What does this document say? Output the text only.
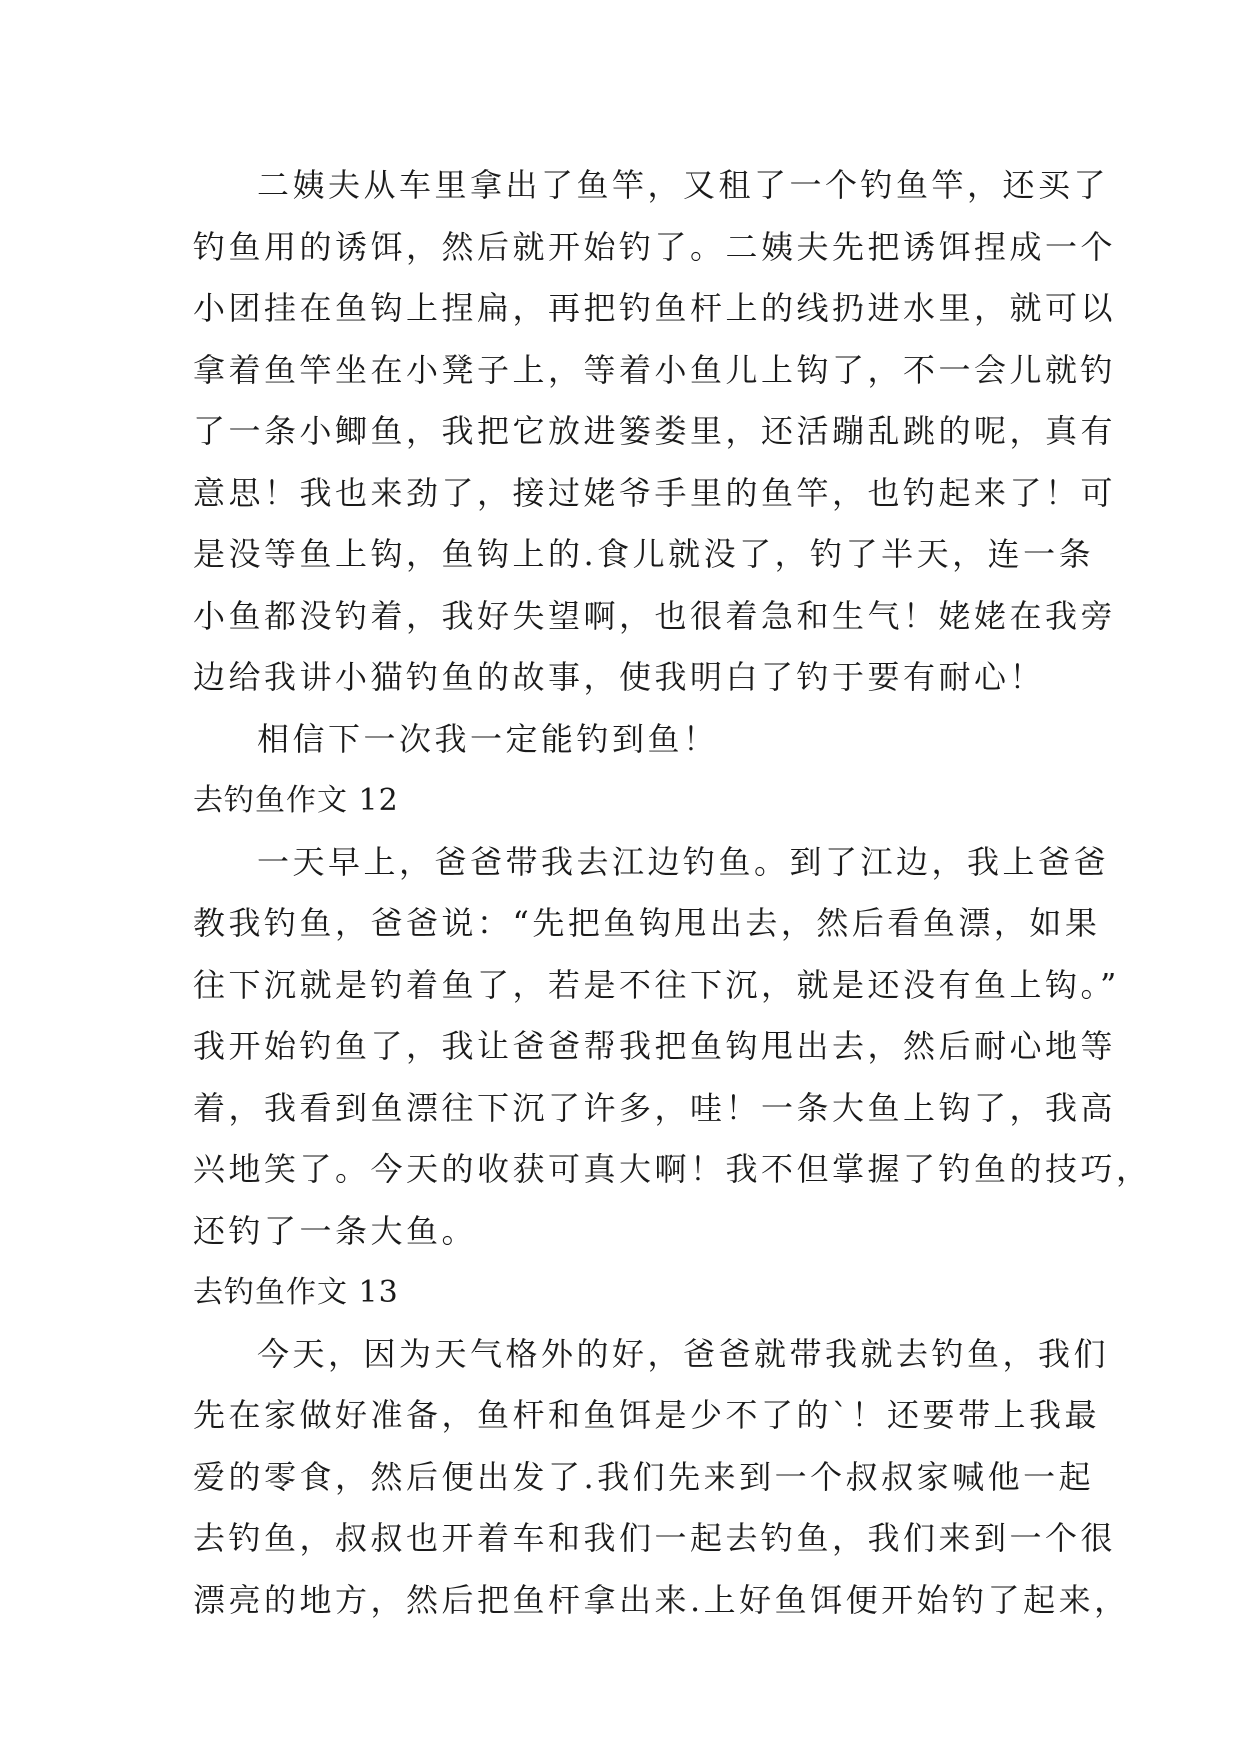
二姨夫从车里拿出了鱼竿，又租了一个钓鱼竿，还买了
钓鱼用的诱饵，然后就开始钓了。二姨夫先把诱饵捏成一个
小团挂在鱼钩上捏扁，再把钓鱼杆上的线扔进水里，就可以
拿着鱼竿坐在小凳子上，等着小鱼儿上钩了，不一会儿就钓
了一条小鲫鱼，我把它放进篓娄里，还活蹦乱跳的呢，真有
意思！我也来劲了，接过姥爷手里的鱼竿，也钓起来了！可
是没等鱼上钩，鱼钩上的.食儿就没了，钓了半天，连一条
小鱼都没钓着，我好失望啊，也很着急和生气！姥姥在我旁
边给我讲小猫钓鱼的故事，使我明白了钓于要有耐心！
相信下一次我一定能钓到鱼！
去钓鱼作文 12
一天早上，爸爸带我去江边钓鱼。到了江边，我上爸爸
教我钓鱼，爸爸说：“先把鱼钩甩出去，然后看鱼漂，如果
往下沉就是钓着鱼了，若是不往下沉，就是还没有鱼上钩。”
我开始钓鱼了，我让爸爸帮我把鱼钩甩出去，然后耐心地等
着，我看到鱼漂往下沉了许多，哇！一条大鱼上钩了，我高
兴地笑了。今天的收获可真大啊！我不但掌握了钓鱼的技巧，
还钓了一条大鱼。
去钓鱼作文 13
今天，因为天气格外的好，爸爸就带我就去钓鱼，我们
先在家做好准备，鱼杆和鱼饵是少不了的`！还要带上我最
爱的零食，然后便出发了.我们先来到一个叔叔家喊他一起
去钓鱼，叔叔也开着车和我们一起去钓鱼，我们来到一个很
漂亮的地方，然后把鱼杆拿出来.上好鱼饵便开始钓了起来，
